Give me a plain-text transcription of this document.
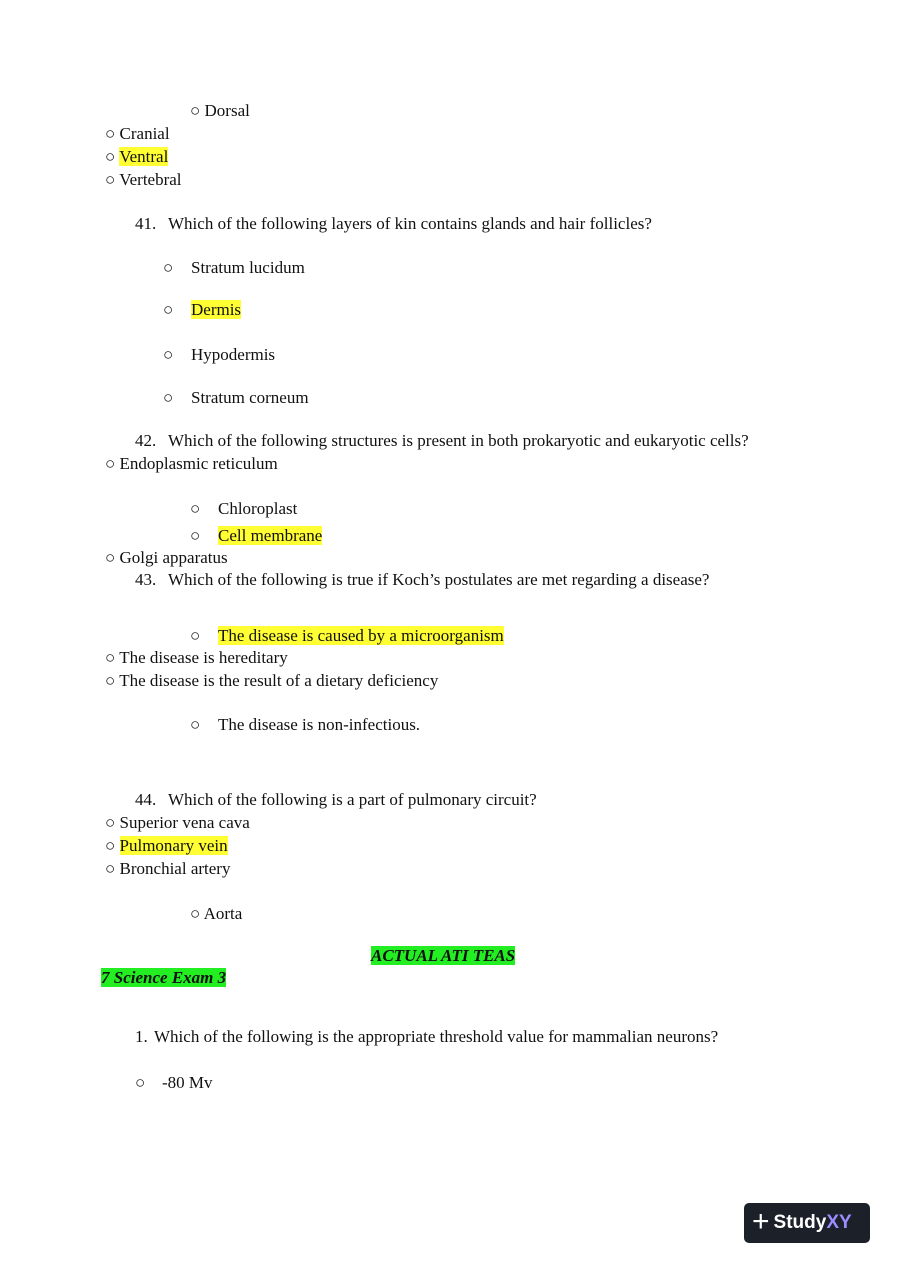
○ Dorsal
○ Cranial
○ Ventral
○ Vertebral
41. Which of the following layers of kin contains glands and hair follicles?
○ Stratum lucidum
○ Dermis
○ Hypodermis
○ Stratum corneum
42. Which of the following structures is present in both prokaryotic and eukaryotic cells?
○ Endoplasmic reticulum
○ Chloroplast
○ Cell membrane
○ Golgi apparatus
43. Which of the following is true if Koch’s postulates are met regarding a disease?
○ The disease is caused by a microorganism
○ The disease is hereditary
○ The disease is the result of a dietary deficiency
○ The disease is non-infectious.
44. Which of the following is a part of pulmonary circuit?
○ Superior vena cava
○ Pulmonary vein
○ Bronchial artery
○ Aorta
ACTUAL ATI TEAS
7 Science Exam 3
1. Which of the following is the appropriate threshold value for mammalian neurons?
○ -80 Mv
+ Study XY
